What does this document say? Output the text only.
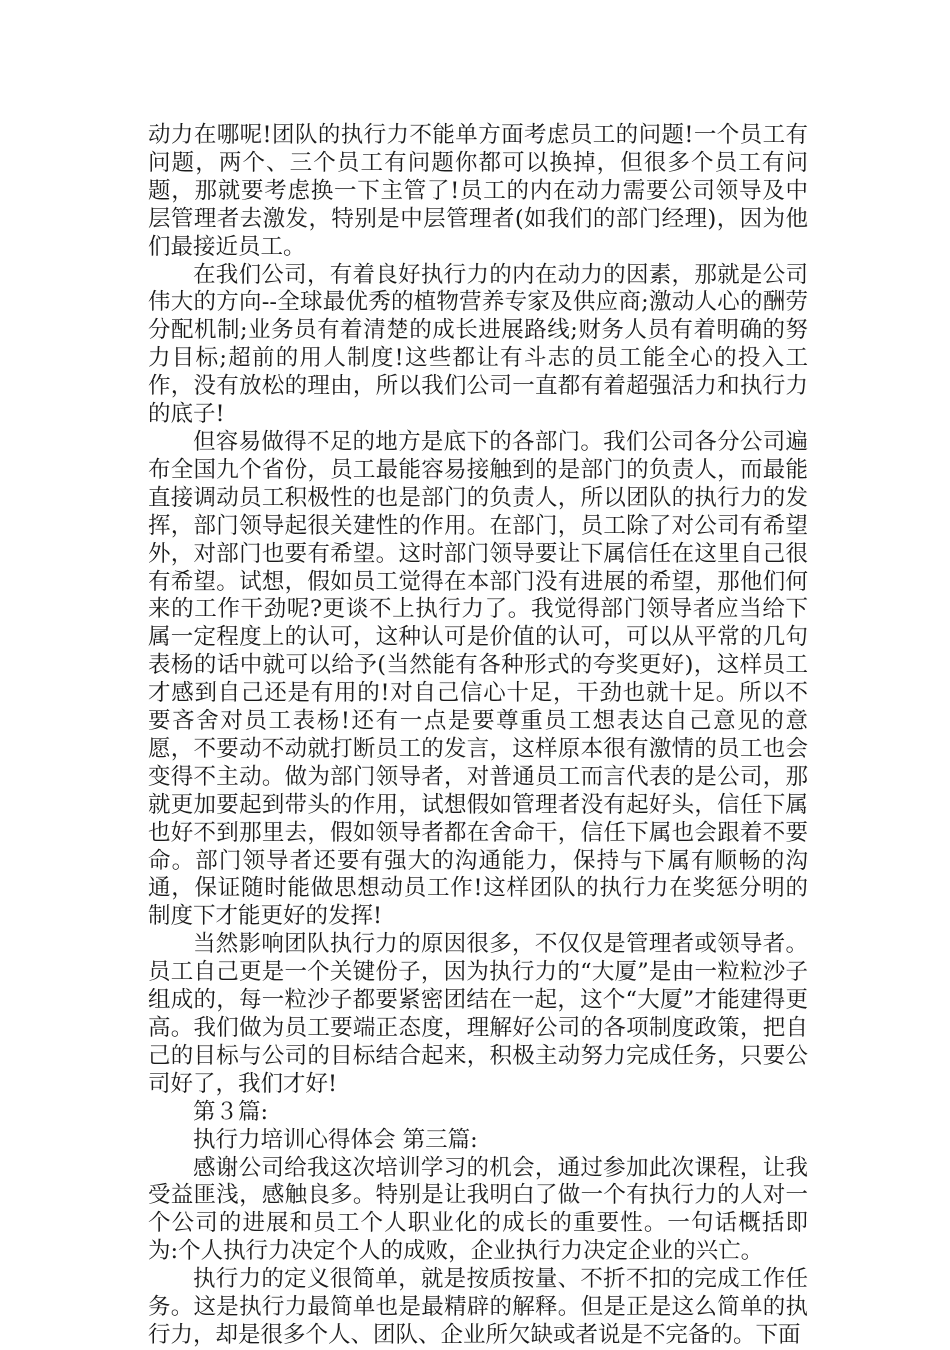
动力在哪呢!团队的执行力不能单方面考虑员工的问题!一个员工有问题，两个、三个员工有问题你都可以换掉，但很多个员工有问题，那就要考虑换一下主管了!员工的内在动力需要公司领导及中层管理者去激发，特别是中层管理者(如我们的部门经理)，因为他们最接近员工。

在我们公司，有着良好执行力的内在动力的因素，那就是公司伟大的方向--全球最优秀的植物营养专家及供应商;激动人心的酬劳分配机制;业务员有着清楚的成长进展路线;财务人员有着明确的努力目标;超前的用人制度!这些都让有斗志的员工能全心的投入工作，没有放松的理由，所以我们公司一直都有着超强活力和执行力的底子!

但容易做得不足的地方是底下的各部门。我们公司各分公司遍布全国九个省份，员工最能容易接触到的是部门的负责人，而最能直接调动员工积极性的也是部门的负责人，所以团队的执行力的发挥，部门领导起很关建性的作用。在部门，员工除了对公司有希望外，对部门也要有希望。这时部门领导要让下属信任在这里自己很有希望。试想，假如员工觉得在本部门没有进展的希望，那他们何来的工作干劲呢?更谈不上执行力了。我觉得部门领导者应当给下属一定程度上的认可，这种认可是价值的认可，可以从平常的几句表杨的话中就可以给予(当然能有各种形式的夸奖更好)，这样员工才感到自己还是有用的!对自己信心十足，干劲也就十足。所以不要吝舍对员工表杨!还有一点是要尊重员工想表达自己意见的意愿，不要动不动就打断员工的发言，这样原本很有激情的员工也会变得不主动。做为部门领导者，对普通员工而言代表的是公司，那就更加要起到带头的作用，试想假如管理者没有起好头，信任下属也好不到那里去，假如领导者都在舍命干，信任下属也会跟着不要命。部门领导者还要有强大的沟通能力，保持与下属有顺畅的沟通，保证随时能做思想动员工作!这样团队的执行力在奖惩分明的制度下才能更好的发挥!

当然影响团队执行力的原因很多，不仅仅是管理者或领导者。员工自己更是一个关键份子，因为执行力的“大厦”是由一粒粒沙子组成的，每一粒沙子都要紧密团结在一起，这个“大厦”才能建得更高。我们做为员工要端正态度，理解好公司的各项制度政策，把自己的目标与公司的目标结合起来，积极主动努力完成任务，只要公司好了，我们才好!

第３篇:

执行力培训心得体会 第三篇:

感谢公司给我这次培训学习的机会，通过参加此次课程，让我受益匪浅，感触良多。特别是让我明白了做一个有执行力的人对一个公司的进展和员工个人职业化的成长的重要性。一句话概括即为:个人执行力决定个人的成败，企业执行力决定企业的兴亡。

执行力的定义很简单，就是按质按量、不折不扣的完成工作任务。这是执行力最简单也是最精辟的解释。但是正是这么简单的执行力，却是很多个人、团队、企业所欠缺或者说是不完备的。下面
